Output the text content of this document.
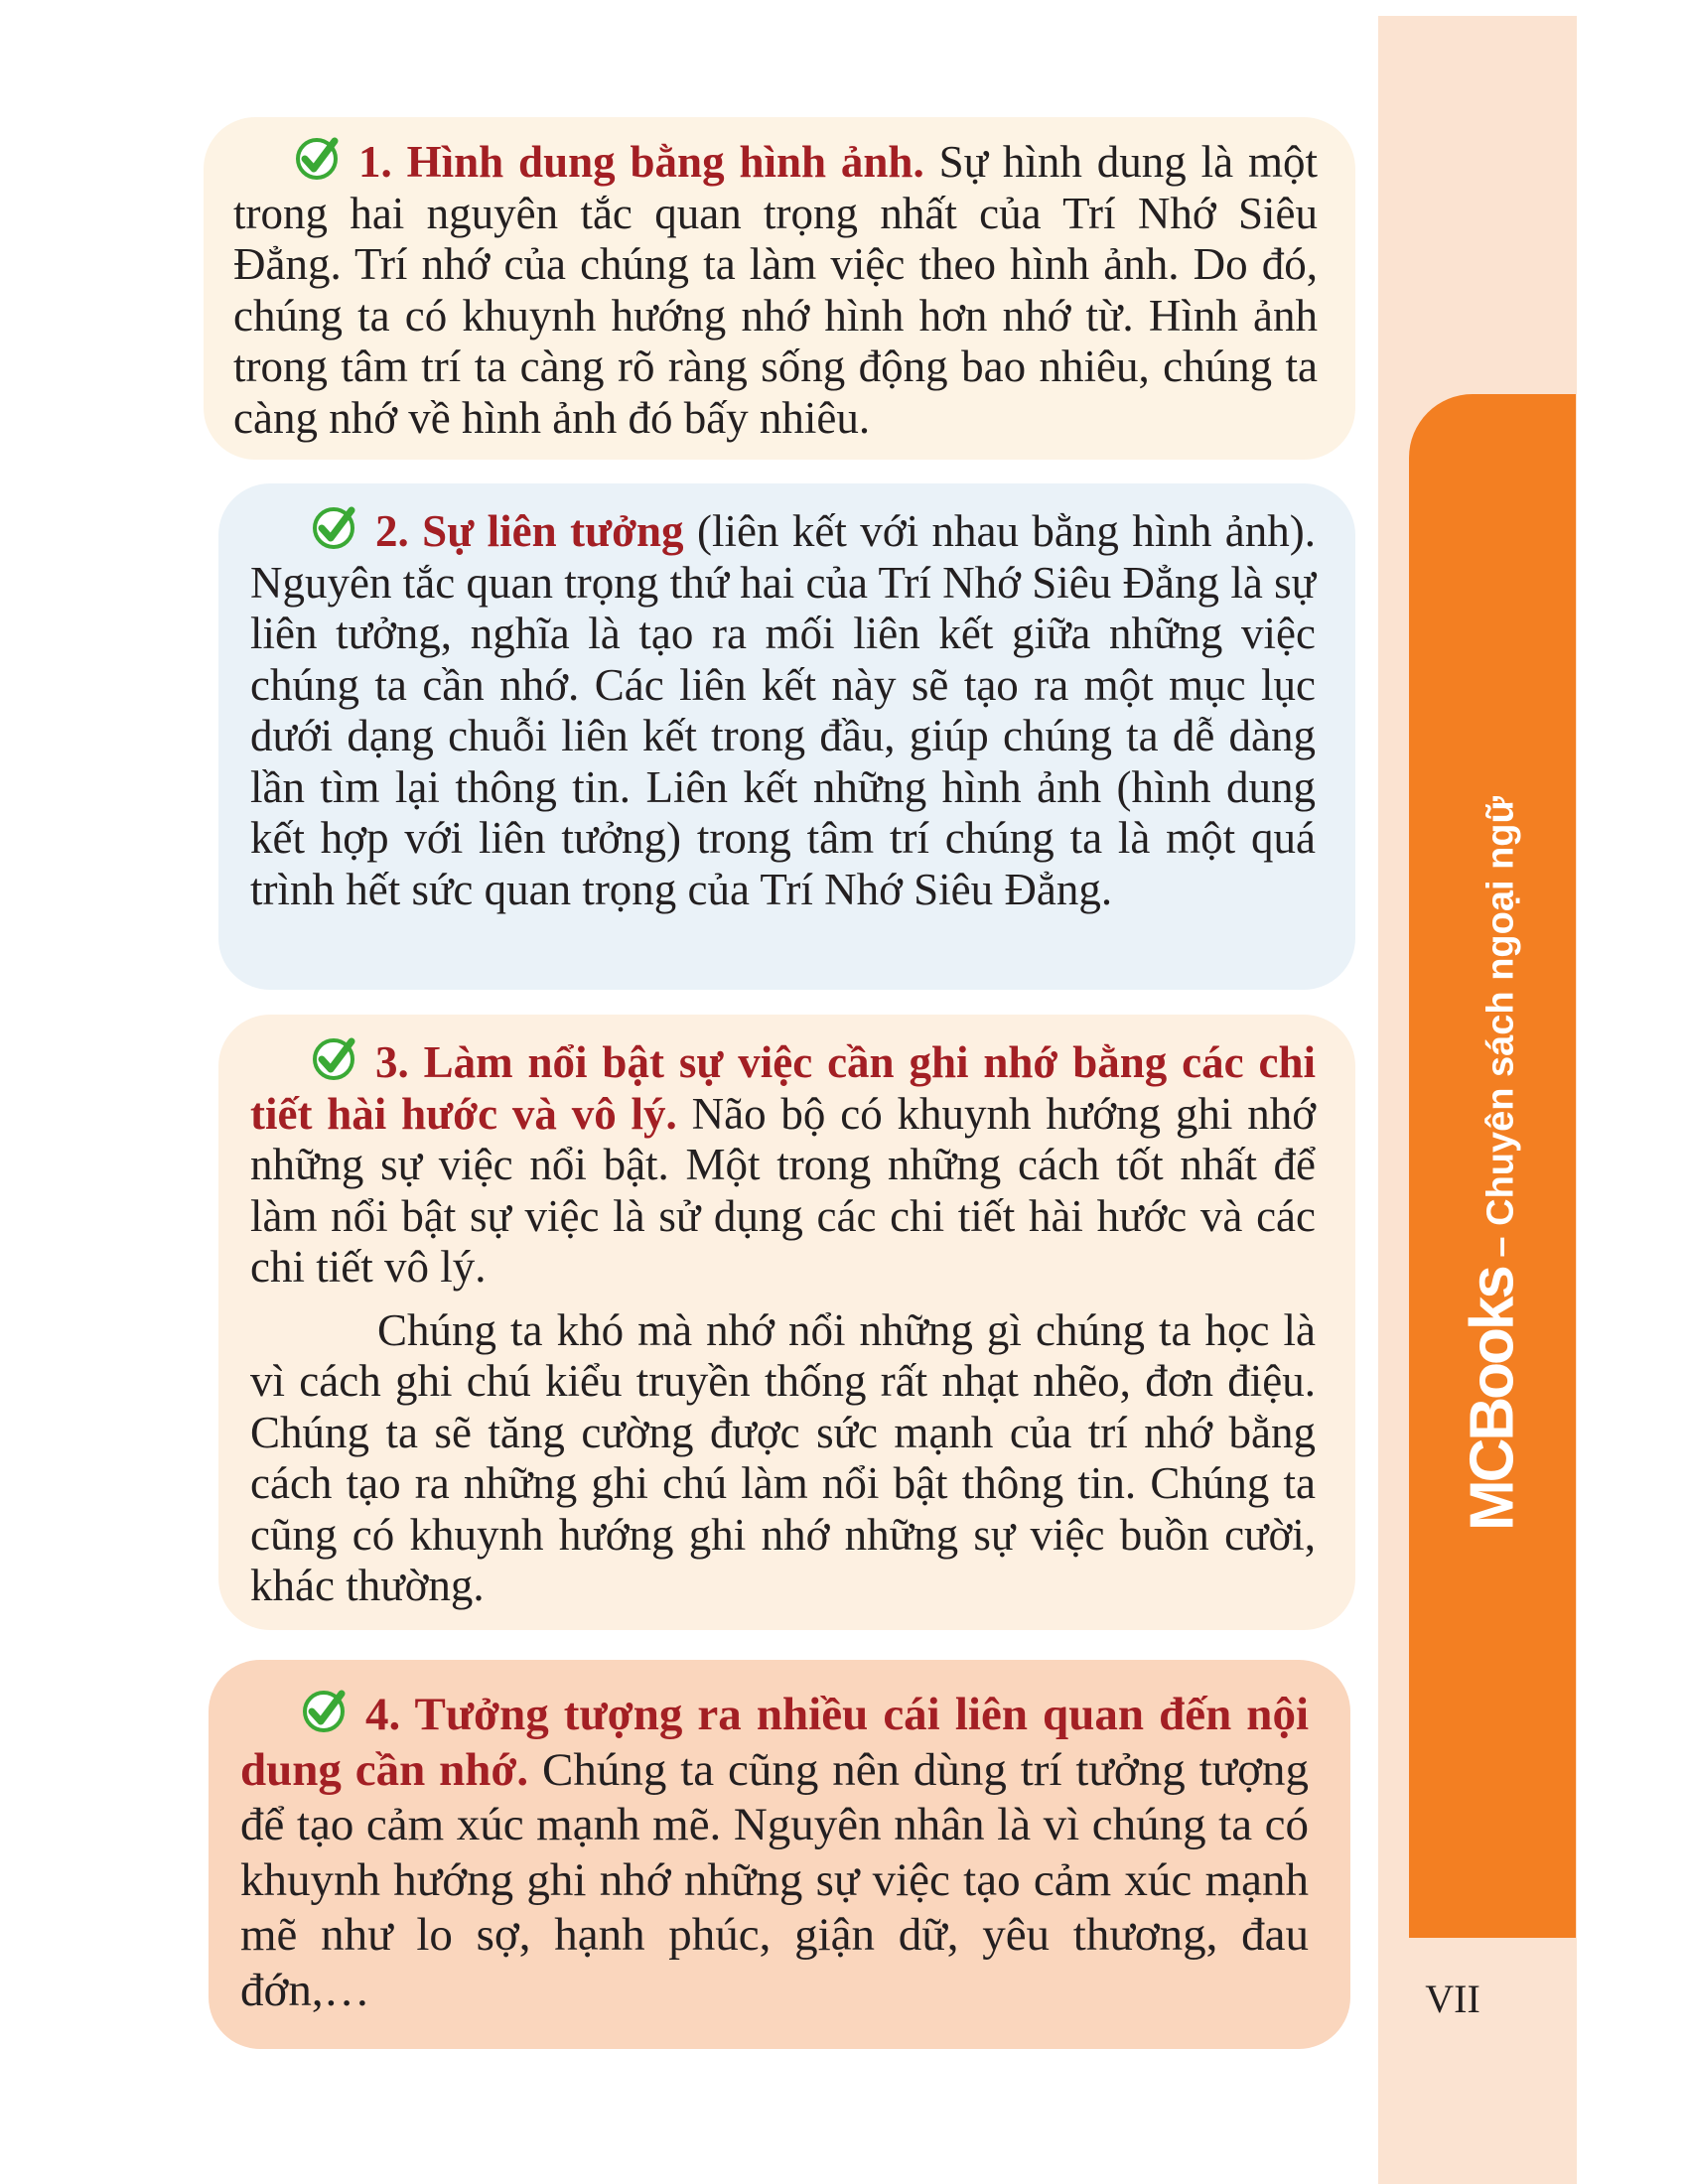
MCBooks – Chuyên sách ngoại ngữ

1. Hình dung bằng hình ảnh. Sự hình dung là một trong hai nguyên tắc quan trọng nhất của Trí Nhớ Siêu Đẳng. Trí nhớ của chúng ta làm việc theo hình ảnh. Do đó, chúng ta có khuynh hướng nhớ hình hơn nhớ từ. Hình ảnh trong tâm trí ta càng rõ ràng sống động bao nhiêu, chúng ta càng nhớ về hình ảnh đó bấy nhiêu.

2. Sự liên tưởng (liên kết với nhau bằng hình ảnh). Nguyên tắc quan trọng thứ hai của Trí Nhớ Siêu Đẳng là sự liên tưởng, nghĩa là tạo ra mối liên kết giữa những việc chúng ta cần nhớ. Các liên kết này sẽ tạo ra một mục lục dưới dạng chuỗi liên kết trong đầu, giúp chúng ta dễ dàng lần tìm lại thông tin. Liên kết những hình ảnh (hình dung kết hợp với liên tưởng) trong tâm trí chúng ta là một quá trình hết sức quan trọng của Trí Nhớ Siêu Đẳng.

3. Làm nổi bật sự việc cần ghi nhớ bằng các chi tiết hài hước và vô lý. Não bộ có khuynh hướng ghi nhớ những sự việc nổi bật. Một trong những cách tốt nhất để làm nổi bật sự việc là sử dụng các chi tiết hài hước và các chi tiết vô lý.

Chúng ta khó mà nhớ nổi những gì chúng ta học là vì cách ghi chú kiểu truyền thống rất nhạt nhẽo, đơn điệu. Chúng ta sẽ tăng cường được sức mạnh của trí nhớ bằng cách tạo ra những ghi chú làm nổi bật thông tin. Chúng ta cũng có khuynh hướng ghi nhớ những sự việc buồn cười, khác thường.

4. Tưởng tượng ra nhiều cái liên quan đến nội dung cần nhớ. Chúng ta cũng nên dùng trí tưởng tượng để tạo cảm xúc mạnh mẽ. Nguyên nhân là vì chúng ta có khuynh hướng ghi nhớ những sự việc tạo cảm xúc mạnh mẽ như lo sợ, hạnh phúc, giận dữ, yêu thương, đau đớn,…	VII
